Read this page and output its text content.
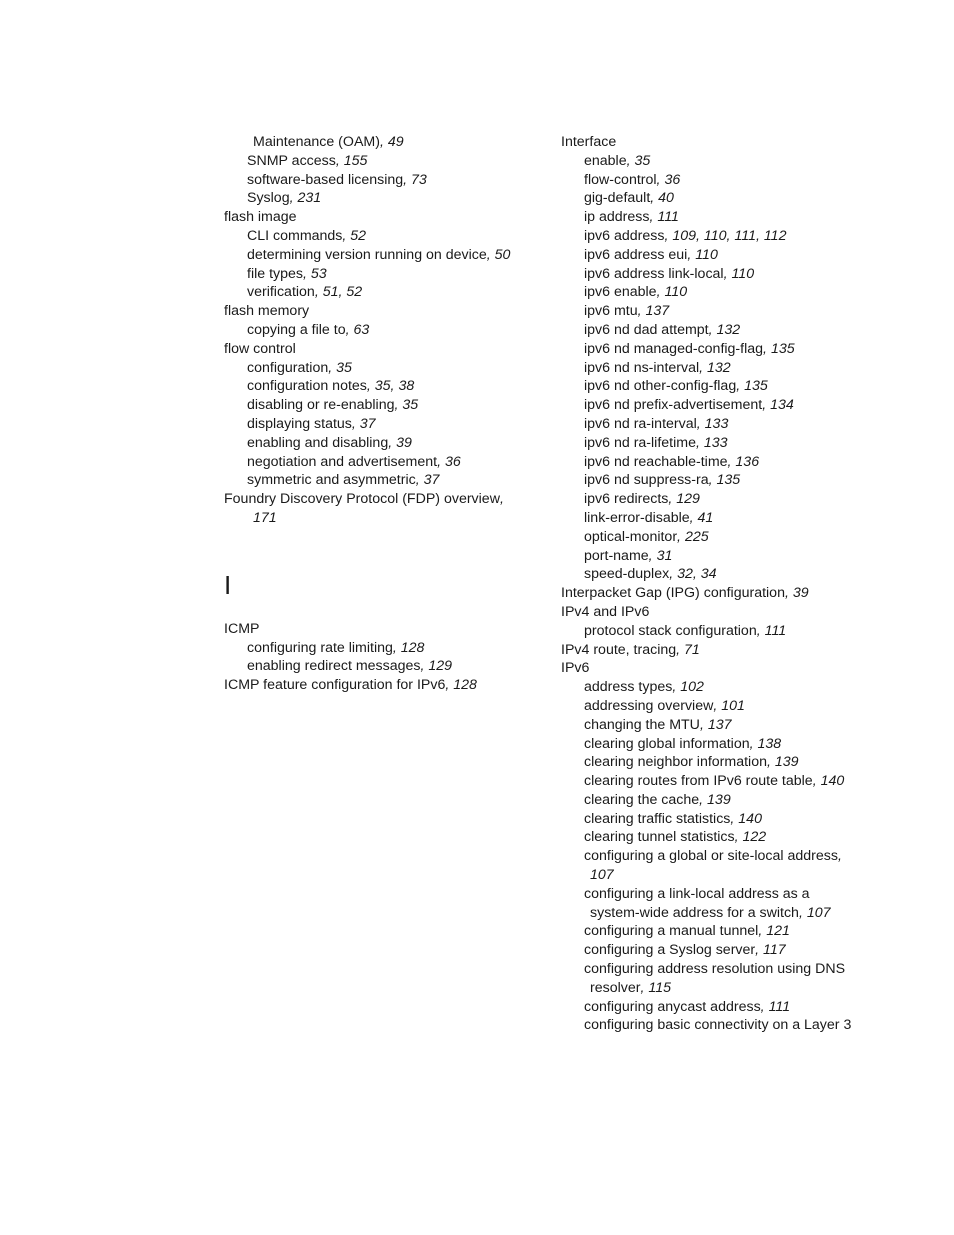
Maintenance (OAM), 49
SNMP access, 155
software-based licensing, 73
Syslog, 231
flash image
CLI commands, 52
determining version running on device, 50
file types, 53
verification, 51, 52
flash memory
copying a file to, 63
flow control
configuration, 35
configuration notes, 35, 38
disabling or re-enabling, 35
displaying status, 37
enabling and disabling, 39
negotiation and advertisement, 36
symmetric and asymmetric, 37
Foundry Discovery Protocol (FDP) overview,
171
I
ICMP
configuring rate limiting, 128
enabling redirect messages, 129
ICMP feature configuration for IPv6, 128
Interface
enable, 35
flow-control, 36
gig-default, 40
ip address, 111
ipv6 address, 109, 110, 111, 112
ipv6 address eui, 110
ipv6 address link-local, 110
ipv6 enable, 110
ipv6 mtu, 137
ipv6 nd dad attempt, 132
ipv6 nd managed-config-flag, 135
ipv6 nd ns-interval, 132
ipv6 nd other-config-flag, 135
ipv6 nd prefix-advertisement, 134
ipv6 nd ra-interval, 133
ipv6 nd ra-lifetime, 133
ipv6 nd reachable-time, 136
ipv6 nd suppress-ra, 135
ipv6 redirects, 129
link-error-disable, 41
optical-monitor, 225
port-name, 31
speed-duplex, 32, 34
Interpacket Gap (IPG) configuration, 39
IPv4 and IPv6
protocol stack configuration, 111
IPv4 route, tracing, 71
IPv6
address types, 102
addressing overview, 101
changing the MTU, 137
clearing global information, 138
clearing neighbor information, 139
clearing routes from IPv6 route table, 140
clearing the cache, 139
clearing traffic statistics, 140
clearing tunnel statistics, 122
configuring a global or site-local address,
107
configuring a link-local address as a
system-wide address for a switch, 107
configuring a manual tunnel, 121
configuring a Syslog server, 117
configuring address resolution using DNS
resolver, 115
configuring anycast address, 111
configuring basic connectivity on a Layer 3
